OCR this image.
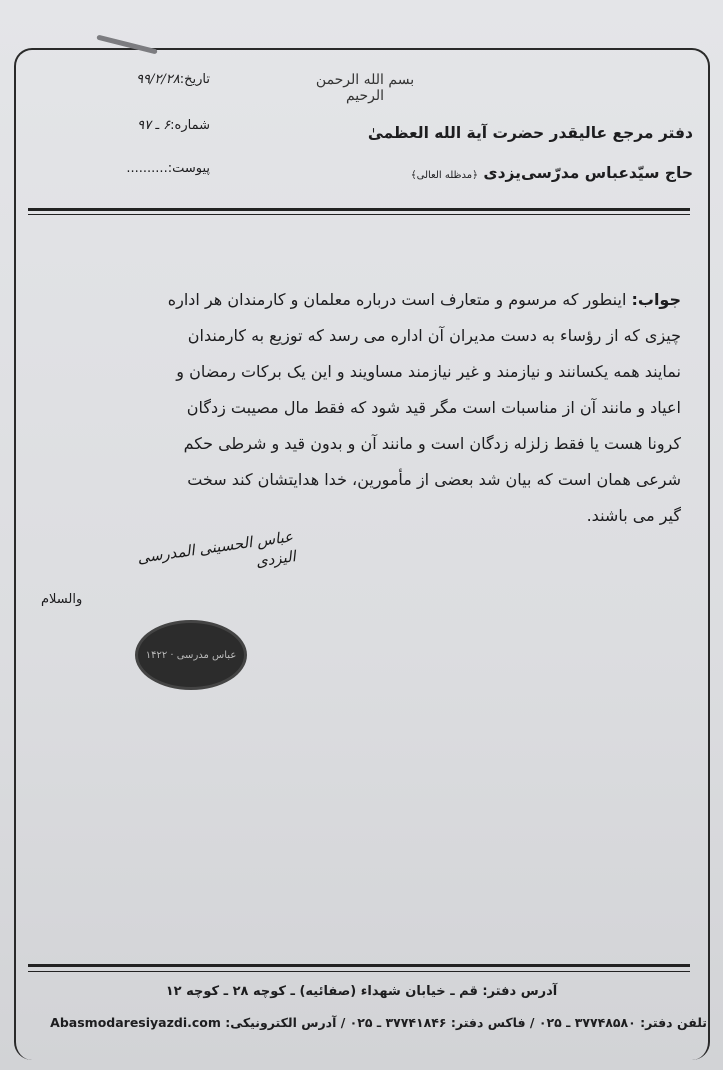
بسم الله الرحمن الرحیم
دفتر مرجع عالیقدر حضرت آیة الله العظمیٰ
حاج سیّدعباس مدرّسی‌یزدی ﴿مدظله العالی﴾
تاریخ:۹۹/۲/۲۸
شماره:۶ ـ ۹۷
پیوست:..........

جواب: اینطور که مرسوم و متعارف است درباره معلمان و کارمندان هر اداره

چیزی که از رؤساء به دست مدیران آن اداره می رسد که توزیع به کارمندان

نمایند همه یکسانند و نیازمند و غیر نیازمند مساویند و این یک برکات رمضان و

اعیاد و مانند آن از مناسبات است مگر قید شود که فقط مال مصیبت زدگان

کرونا هست یا فقط زلزله زدگان است و مانند آن و بدون قید و شرطی حکم

شرعی همان است که بیان شد بعضی از مأمورین، خدا هدایتشان کند سخت

گیر می باشند.

والسلام
عباس الحسینی المدرسی الیزدی
عباس مدرسی · ۱۴۲۲
آدرس دفتر: قم ـ خیابان شهداء (صفائیه) ـ کوچه ۲۸ ـ کوچه ۱۲
تلفن دفتر: ۳۷۷۴۸۵۸۰ ـ ۰۲۵ / فاکس دفتر: ۳۷۷۴۱۸۴۶ ـ ۰۲۵ / آدرس الکترونیکی: Abasmodaresiyazdi.com
